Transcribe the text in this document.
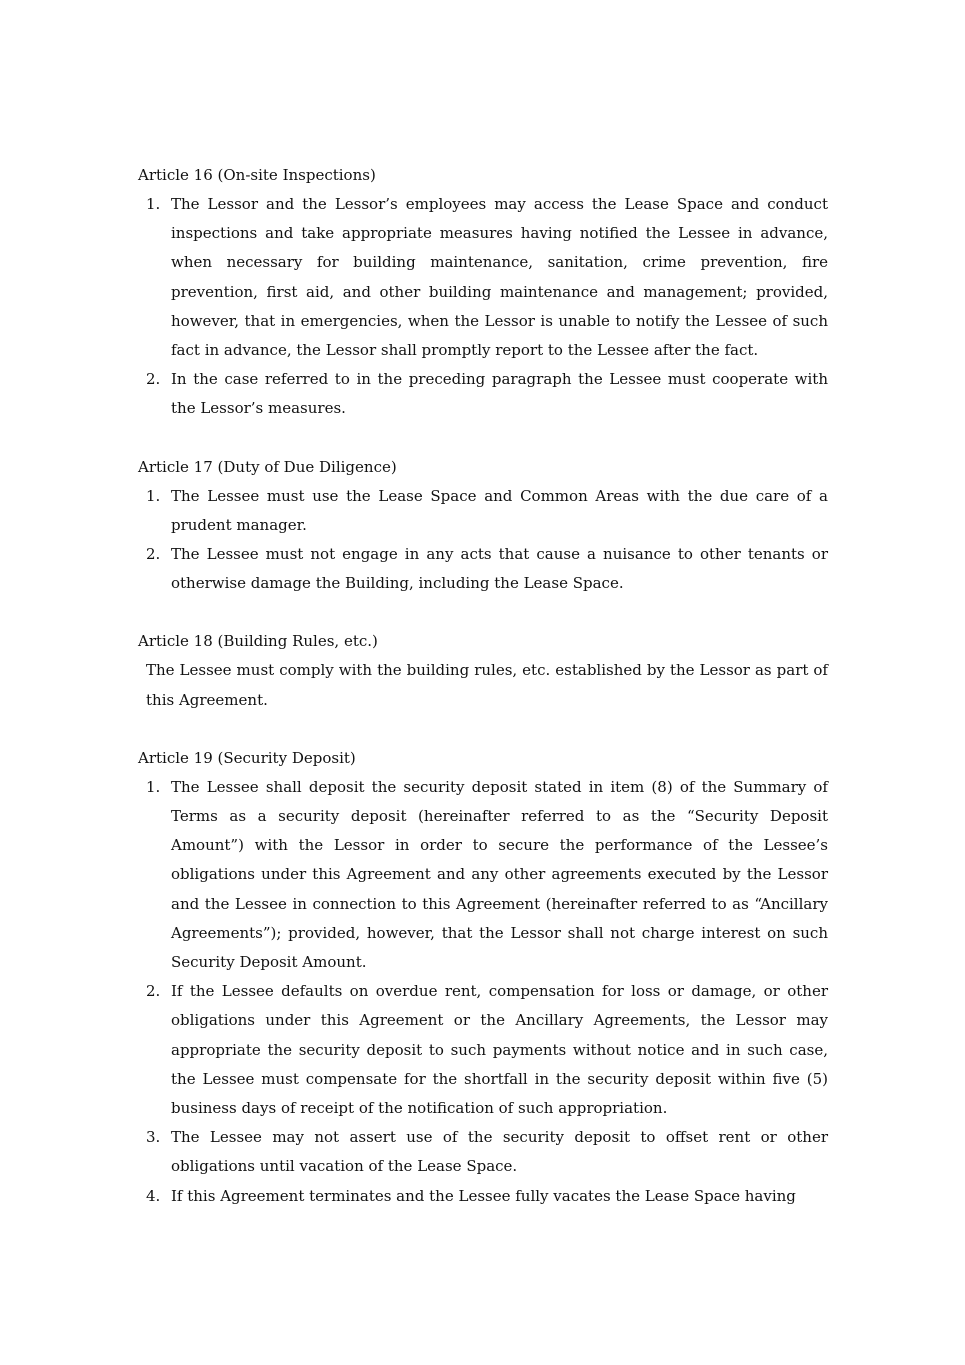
Article 16 (On-site Inspections)

1. The Lessor and the Lessor’s employees may access the Lease Space and conduct inspections and take appropriate measures having notified the Lessee in advance, when necessary for building maintenance, sanitation, crime prevention, fire prevention, first aid, and other building maintenance and management; provided, however, that in emergencies, when the Lessor is unable to notify the Lessee of such fact in advance, the Lessor shall promptly report to the Lessee after the fact.
2. In the case referred to in the preceding paragraph the Lessee must cooperate with the Lessor’s measures.

Article 17 (Duty of Due Diligence)

1. The Lessee must use the Lease Space and Common Areas with the due care of a prudent manager.
2. The Lessee must not engage in any acts that cause a nuisance to other tenants or otherwise damage the Building, including the Lease Space.

Article 18 (Building Rules, etc.)

The Lessee must comply with the building rules, etc. established by the Lessor as part of this Agreement.

Article 19 (Security Deposit)

1. The Lessee shall deposit the security deposit stated in item (8) of the Summary of Terms as a security deposit (hereinafter referred to as the “Security Deposit Amount”) with the Lessor in order to secure the performance of the Lessee’s obligations under this Agreement and any other agreements executed by the Lessor and the Lessee in connection to this Agreement (hereinafter referred to as “Ancillary Agreements”); provided, however, that the Lessor shall not charge interest on such Security Deposit Amount.
2. If the Lessee defaults on overdue rent, compensation for loss or damage, or other obligations under this Agreement or the Ancillary Agreements, the Lessor may appropriate the security deposit to such payments without notice and in such case, the Lessee must compensate for the shortfall in the security deposit within five (5) business days of receipt of the notification of such appropriation.
3. The Lessee may not assert use of the security deposit to offset rent or other obligations until vacation of the Lease Space.
4. If this Agreement terminates and the Lessee fully vacates the Lease Space having
